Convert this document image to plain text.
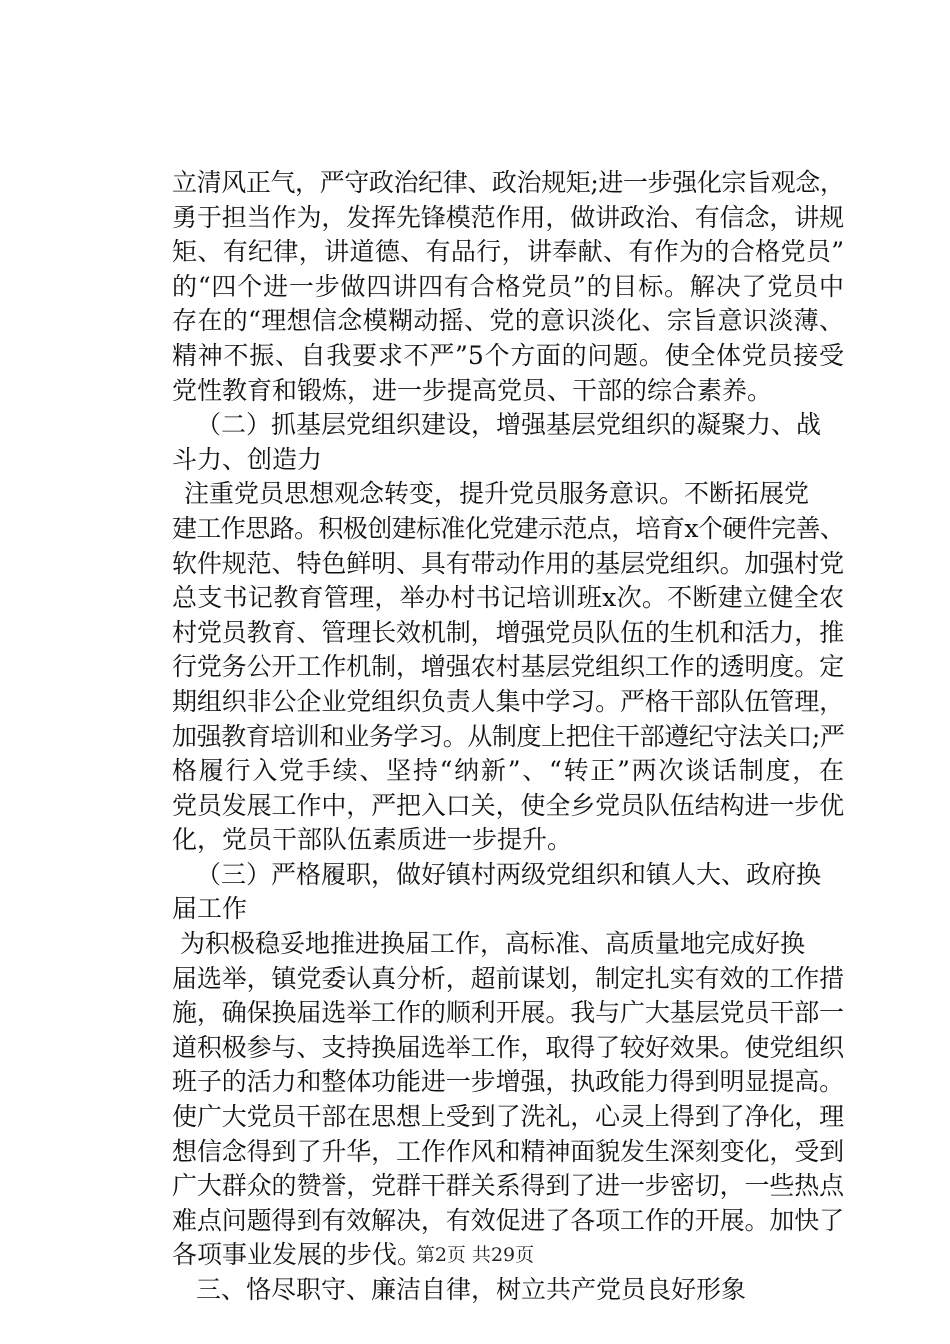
立清风正气，严守政治纪律、政治规矩;进一步强化宗旨观念，
勇于担当作为，发挥先锋模范作用，做讲政治、有信念，讲规
矩、有纪律，讲道德、有品行，讲奉献、有作为的合格党员”
的“四个进一步做四讲四有合格党员”的目标。解决了党员中
存在的“理想信念模糊动摇、党的意识淡化、宗旨意识淡薄、
精神不振、自我要求不严”5个方面的问题。使全体党员接受
党性教育和锻炼，进一步提高党员、干部的综合素养。
（二）抓基层党组织建设，增强基层党组织的凝聚力、战
斗力、创造力
注重党员思想观念转变，提升党员服务意识。不断拓展党
建工作思路。积极创建标准化党建示范点，培育x个硬件完善、
软件规范、特色鲜明、具有带动作用的基层党组织。加强村党
总支书记教育管理，举办村书记培训班x次。不断建立健全农
村党员教育、管理长效机制，增强党员队伍的生机和活力，推
行党务公开工作机制，增强农村基层党组织工作的透明度。定
期组织非公企业党组织负责人集中学习。严格干部队伍管理，
加强教育培训和业务学习。从制度上把住干部遵纪守法关口;严
格履行入党手续、坚持“纳新”、“转正”两次谈话制度，在
党员发展工作中，严把入口关，使全乡党员队伍结构进一步优
化，党员干部队伍素质进一步提升。
（三）严格履职，做好镇村两级党组织和镇人大、政府换
届工作
为积极稳妥地推进换届工作，高标准、高质量地完成好换
届选举，镇党委认真分析，超前谋划，制定扎实有效的工作措
施，确保换届选举工作的顺利开展。我与广大基层党员干部一
道积极参与、支持换届选举工作，取得了较好效果。使党组织
班子的活力和整体功能进一步增强，执政能力得到明显提高。
使广大党员干部在思想上受到了洗礼，心灵上得到了净化，理
想信念得到了升华，工作作风和精神面貌发生深刻变化，受到
广大群众的赞誉，党群干群关系得到了进一步密切，一些热点
难点问题得到有效解决，有效促进了各项工作的开展。加快了
各项事业发展的步伐。
三、恪尽职守、廉洁自律，树立共产党员良好形象
第2页 共29页
